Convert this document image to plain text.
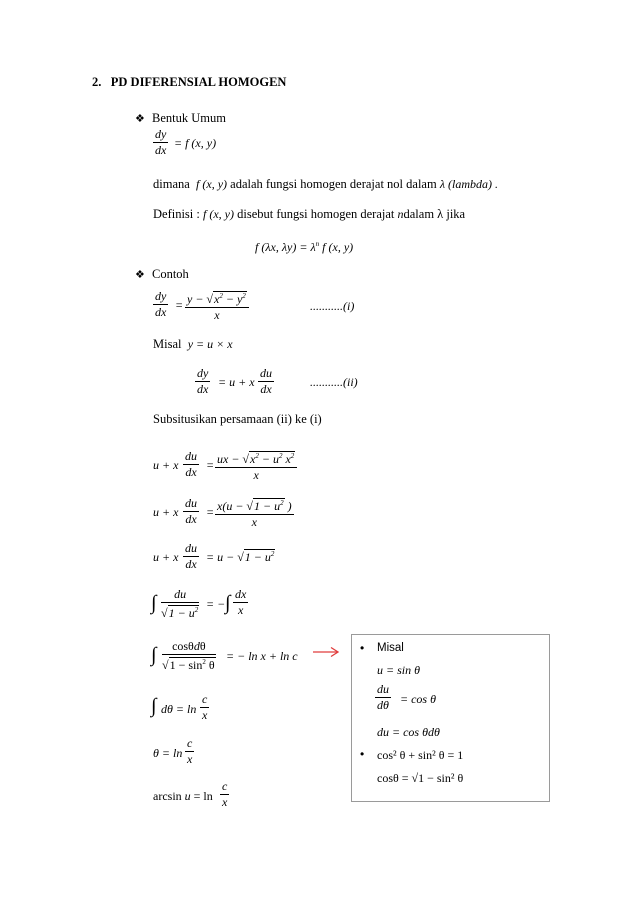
2. PD DIFERENSIAL HOMOGEN
❖ Bentuk Umum
$\frac{dy}{dx} = f$ (x, y)
dimana f (x, y) adalah fungsi homogen derajat nol dalam λ (lambda) .
Definisi : f (x, y) disebut fungsi homogen derajat ndalam λ jika
f (λx, $\lambda y) = \lambda^n$ f (x, y)
❖ Contoh
$\frac{dy}{dx} = \frac{y - √x^2 - y^2}{x}$	...........(i)
Misal y = u × x
$\frac{dy}{dx} = u + x \frac{du}{dx}$	...........(ii)
Subsitusikan persamaan (ii) ke (i)
u + x $\frac{du}{dx} = \frac{ux - √x^2 - u^2 x^2}{x}$
u + x $\frac{du}{dx} = \frac{x(u - √1 - u^2 )}{x}$
u + x $\frac{du}{dx} = u - √1 - u^2$
∫ $\frac{du}{√1 - u^2}$ = − ∫ $\frac{dx}{x}$
∫	cosθdθ
$√1 - \sin^2 \theta$
= − ln x + ln c
∫ $d\theta = \ln \frac{c}{x}$
$\theta = \ln \frac{c}{x}$
$\arcsin u = \ln \frac{c}{x}$
• Misal
u = sin θ
$\frac{du}{d\theta} = \cos \theta$
du = cos θdθ
• cos² θ + sin² θ = 1
cosθ = √1 − sin² θ
